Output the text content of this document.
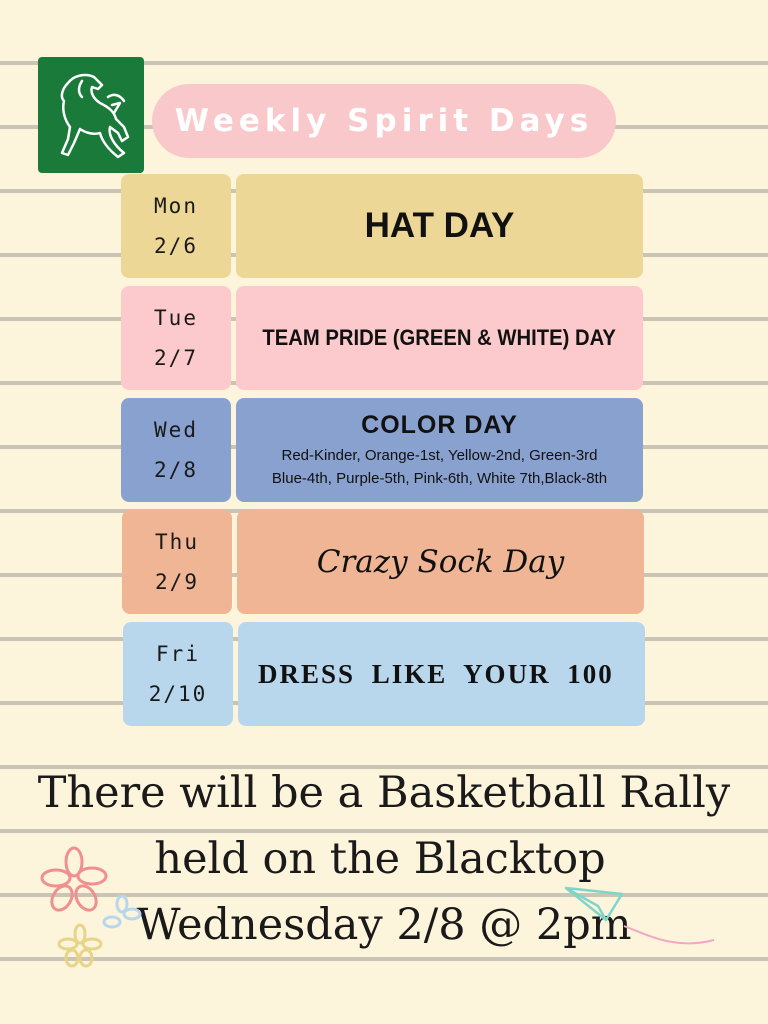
Weekly Spirit Days
Mon
2/6
HAT DAY
Tue
2/7
TEAM PRIDE (GREEN & WHITE) DAY
Wed
2/8
COLOR DAY
Red-Kinder, Orange-1st, Yellow-2nd, Green-3rd
Blue-4th, Purple-5th, Pink-6th, White 7th,Black-8th
Thu
2/9
Crazy Sock Day
Fri
2/10
DRESS LIKE YOUR 100
There will be a Basketball Rally
held on the Blacktop
Wednesday 2/8 @ 2pm
